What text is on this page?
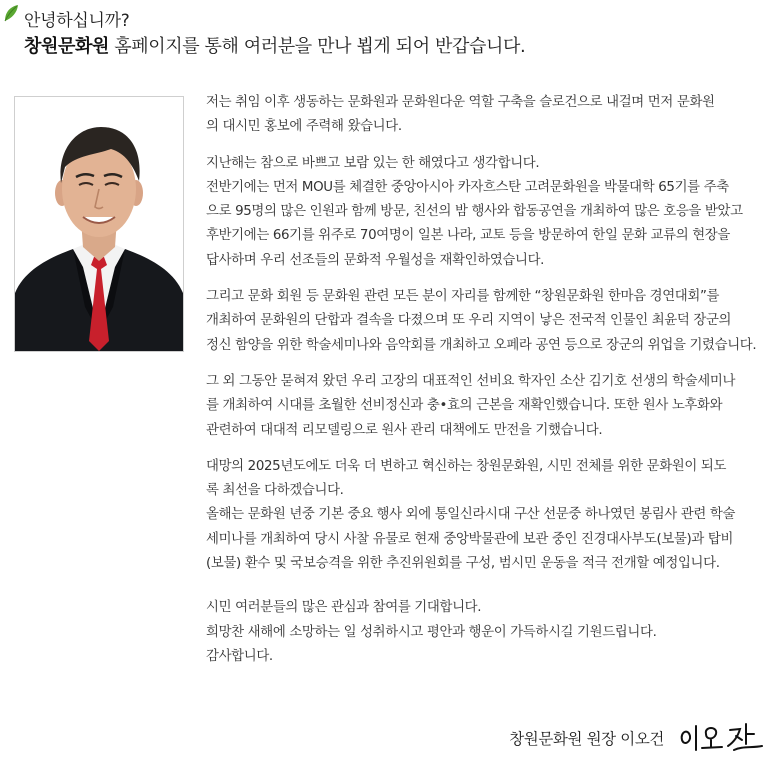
안녕하십니까?
창원문화원 홈페이지를 통해 여러분을 만나 뵙게 되어 반갑습니다.

저는 취임 이후 생동하는 문화원과 문화원다운 역할 구축을 슬로건으로 내걸며 먼저 문화원
의 대시민 홍보에 주력해 왔습니다.

지난해는 참으로 바쁘고 보람 있는 한 해였다고 생각합니다.
전반기에는 먼저 MOU를 체결한 중앙아시아 카자흐스탄 고려문화원을 박물대학 65기를 주축
으로 95명의 많은 인원과 함께 방문, 친선의 밤 행사와 합동공연을 개최하여 많은 호응을 받았고
후반기에는 66기를 위주로 70여명이 일본 나라, 교토 등을 방문하여 한일 문화 교류의 현장을
답사하며 우리 선조들의 문화적 우월성을 재확인하였습니다.

그리고 문화 회원 등 문화원 관련 모든 분이 자리를 함께한 “창원문화원 한마음 경연대회”를
개최하여 문화원의 단합과 결속을 다졌으며 또 우리 지역이 낳은 전국적 인물인 최윤덕 장군의
정신 함양을 위한 학술세미나와 음악회를 개최하고 오페라 공연 등으로 장군의 위업을 기렸습니다.

그 외 그동안 묻혀져 왔던 우리 고장의 대표적인 선비요 학자인 소산 김기호 선생의 학술세미나
를 개최하여 시대를 초월한 선비정신과 충•효의 근본을 재확인했습니다. 또한 원사 노후화와
관련하여 대대적 리모델링으로 원사 관리 대책에도 만전을 기했습니다.

대망의 2025년도에도 더욱 더 변하고 혁신하는 창원문화원, 시민 전체를 위한 문화원이 되도
록 최선을 다하겠습니다.
올해는 문화원 년중 기본 중요 행사 외에 통일신라시대 구산 선문중 하나였던 봉림사 관련 학술
세미나를 개최하여 당시 사찰 유물로 현재 중앙박물관에 보관 중인 진경대사부도(보물)과 탑비
(보물) 환수 및 국보승격을 위한 추진위원회를 구성, 범시민 운동을 적극 전개할 예정입니다.

시민 여러분들의 많은 관심과 참여를 기대합니다.
희망찬 새해에 소망하는 일 성취하시고 평안과 행운이 가득하시길 기원드립니다.
감사합니다.

창원문화원 원장 이오건
